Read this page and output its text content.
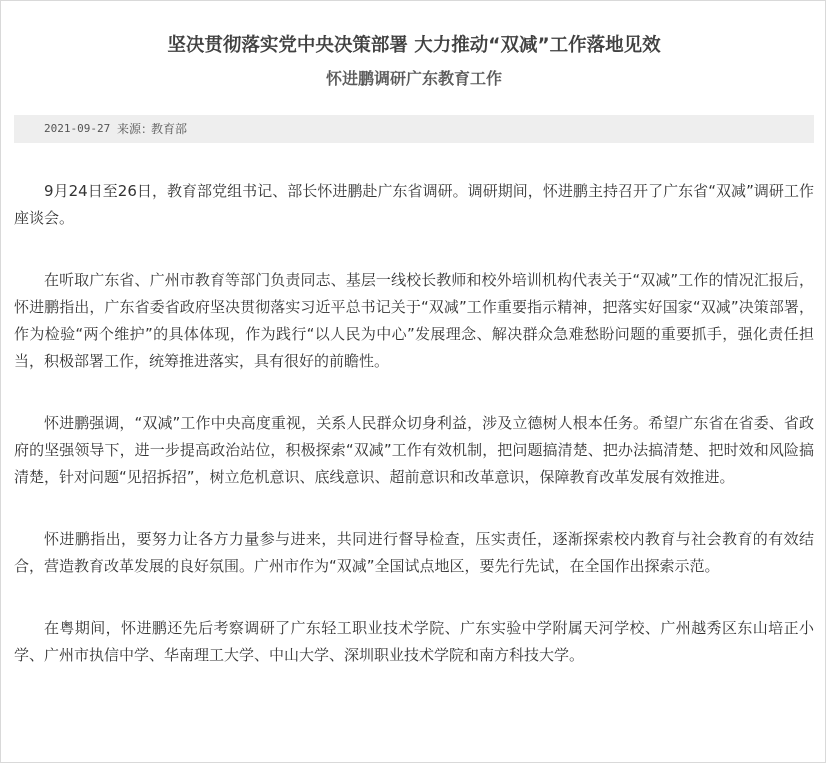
坚决贯彻落实党中央决策部署 大力推动“双减”工作落地见效
怀进鹏调研广东教育工作
2021-09-27 来源：
教育部

9月24日至26日，教育部党组书记、部长怀进鹏赴广东省调研。调研期间，怀进鹏主持召开了广东省“双减”调研工作座谈会。

在听取广东省、广州市教育等部门负责同志、基层一线校长教师和校外培训机构代表关于“双减”工作的情况汇报后，怀进鹏指出，广东省委省政府坚决贯彻落实习近平总书记关于“双减”工作重要指示精神，把落实好国家“双减”决策部署，作为检验“两个维护”的具体体现，作为践行“以人民为中心”发展理念、解决群众急难愁盼问题的重要抓手，强化责任担当，积极部署工作，统筹推进落实，具有很好的前瞻性。

怀进鹏强调，“双减”工作中央高度重视，关系人民群众切身利益，涉及立德树人根本任务。希望广东省在省委、省政府的坚强领导下，进一步提高政治站位，积极探索“双减”工作有效机制，把问题搞清楚、把办法搞清楚、把时效和风险搞清楚，针对问题“见招拆招”，树立危机意识、底线意识、超前意识和改革意识，保障教育改革发展有效推进。

怀进鹏指出，要努力让各方力量参与进来，共同进行督导检查，压实责任，逐渐探索校内教育与社会教育的有效结合，营造教育改革发展的良好氛围。广州市作为“双减”全国试点地区，要先行先试，在全国作出探索示范。

在粤期间，怀进鹏还先后考察调研了广东轻工职业技术学院、广东实验中学附属天河学校、广州越秀区东山培正小学、广州市执信中学、华南理工大学、中山大学、深圳职业技术学院和南方科技大学。
